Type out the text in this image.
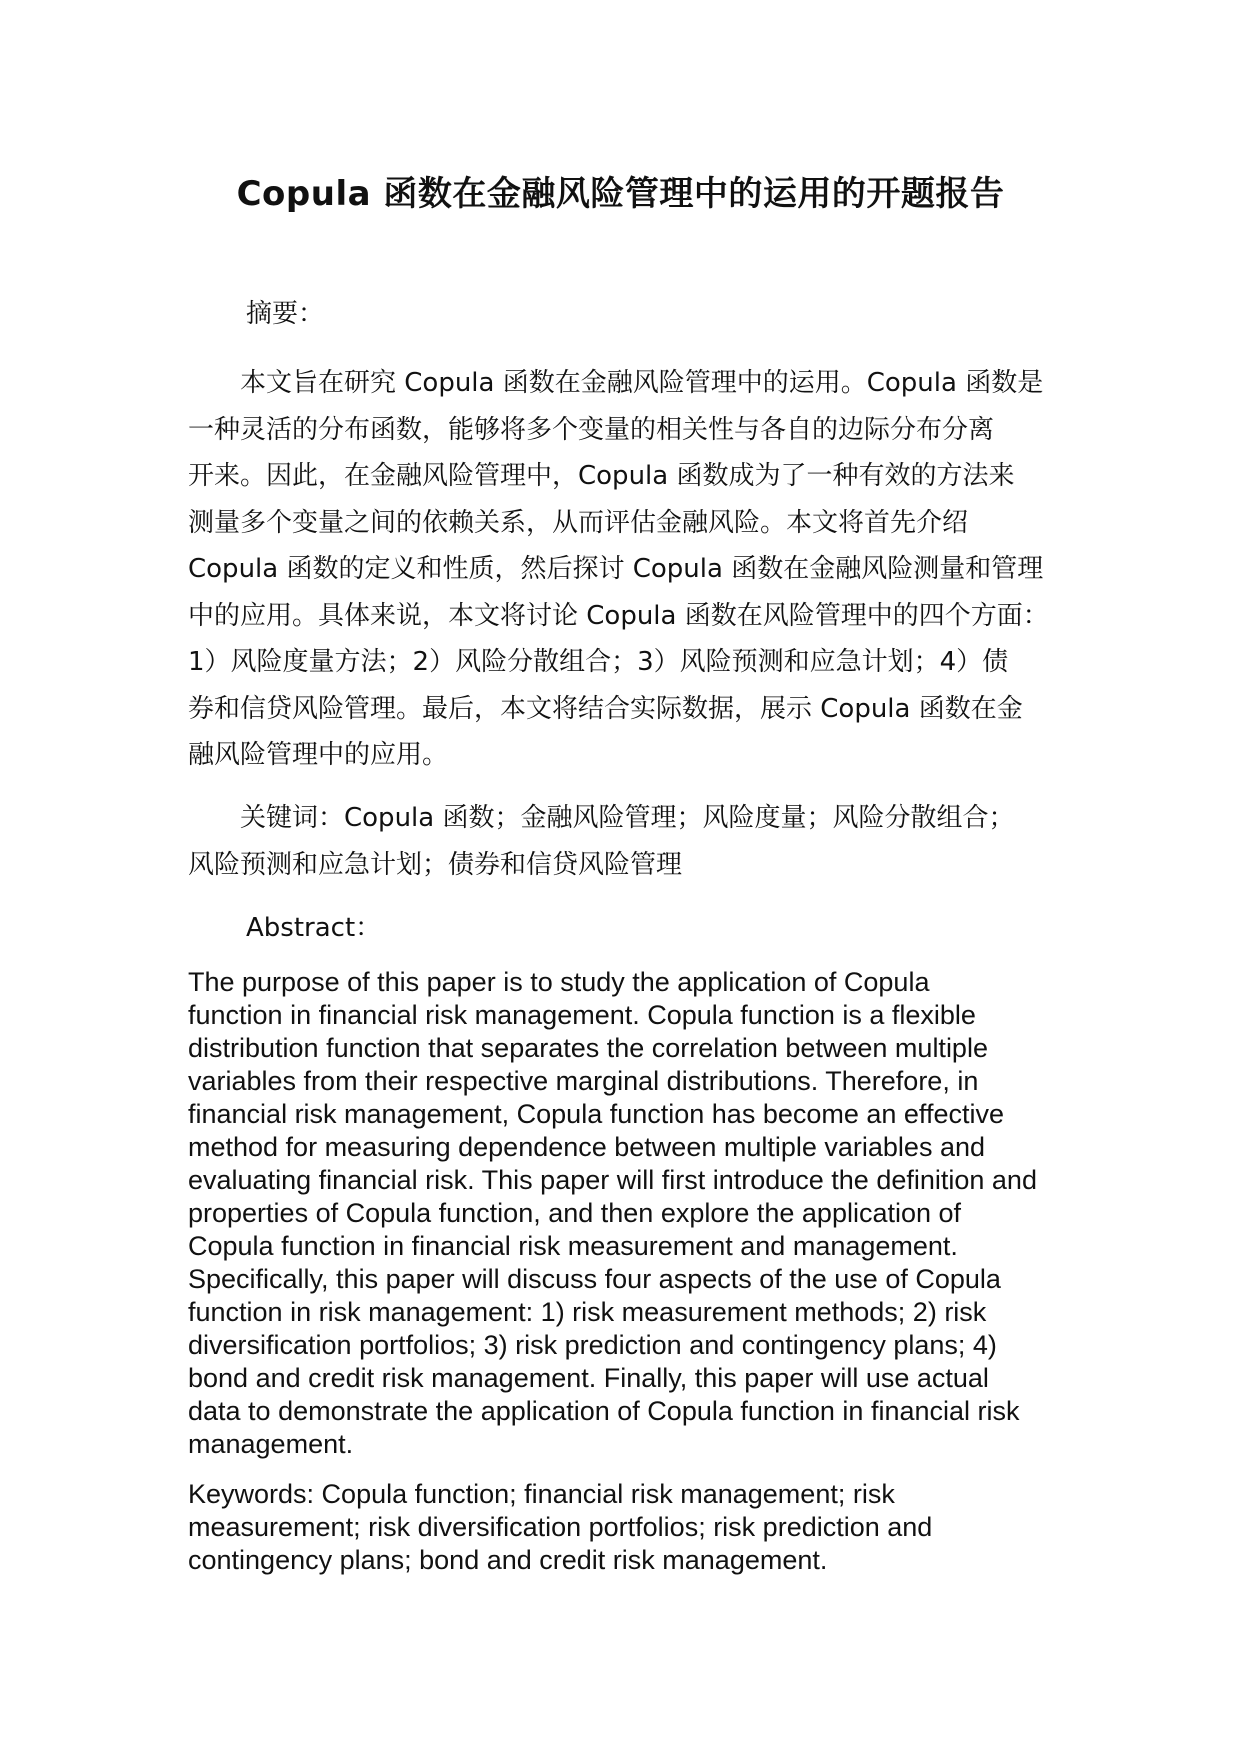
Copula 函数在金融风险管理中的运用的开题报告

摘要：

　　本文旨在研究 Copula 函数在金融风险管理中的运用。Copula 函数是
一种灵活的分布函数，能够将多个变量的相关性与各自的边际分布分离
开来。因此，在金融风险管理中，Copula 函数成为了一种有效的方法来
测量多个变量之间的依赖关系，从而评估金融风险。本文将首先介绍
Copula 函数的定义和性质，然后探讨 Copula 函数在金融风险测量和管理
中的应用。具体来说，本文将讨论 Copula 函数在风险管理中的四个方面：
1）风险度量方法；2）风险分散组合；3）风险预测和应急计划；4）债
券和信贷风险管理。最后，本文将结合实际数据，展示 Copula 函数在金
融风险管理中的应用。
　　关键词：Copula 函数；金融风险管理；风险度量；风险分散组合；
风险预测和应急计划；债券和信贷风险管理

Abstract：

The purpose of this paper is to study the application of Copula
function in financial risk management. Copula function is a flexible
distribution function that separates the correlation between multiple
variables from their respective marginal distributions. Therefore, in
financial risk management, Copula function has become an effective
method for measuring dependence between multiple variables and
evaluating financial risk. This paper will first introduce the definition and
properties of Copula function, and then explore the application of
Copula function in financial risk measurement and management.
Specifically, this paper will discuss four aspects of the use of Copula
function in risk management: 1) risk measurement methods; 2) risk
diversification portfolios; 3) risk prediction and contingency plans; 4)
bond and credit risk management. Finally, this paper will use actual
data to demonstrate the application of Copula function in financial risk
management.
Keywords: Copula function; financial risk management; risk
measurement; risk diversification portfolios; risk prediction and
contingency plans; bond and credit risk management.
